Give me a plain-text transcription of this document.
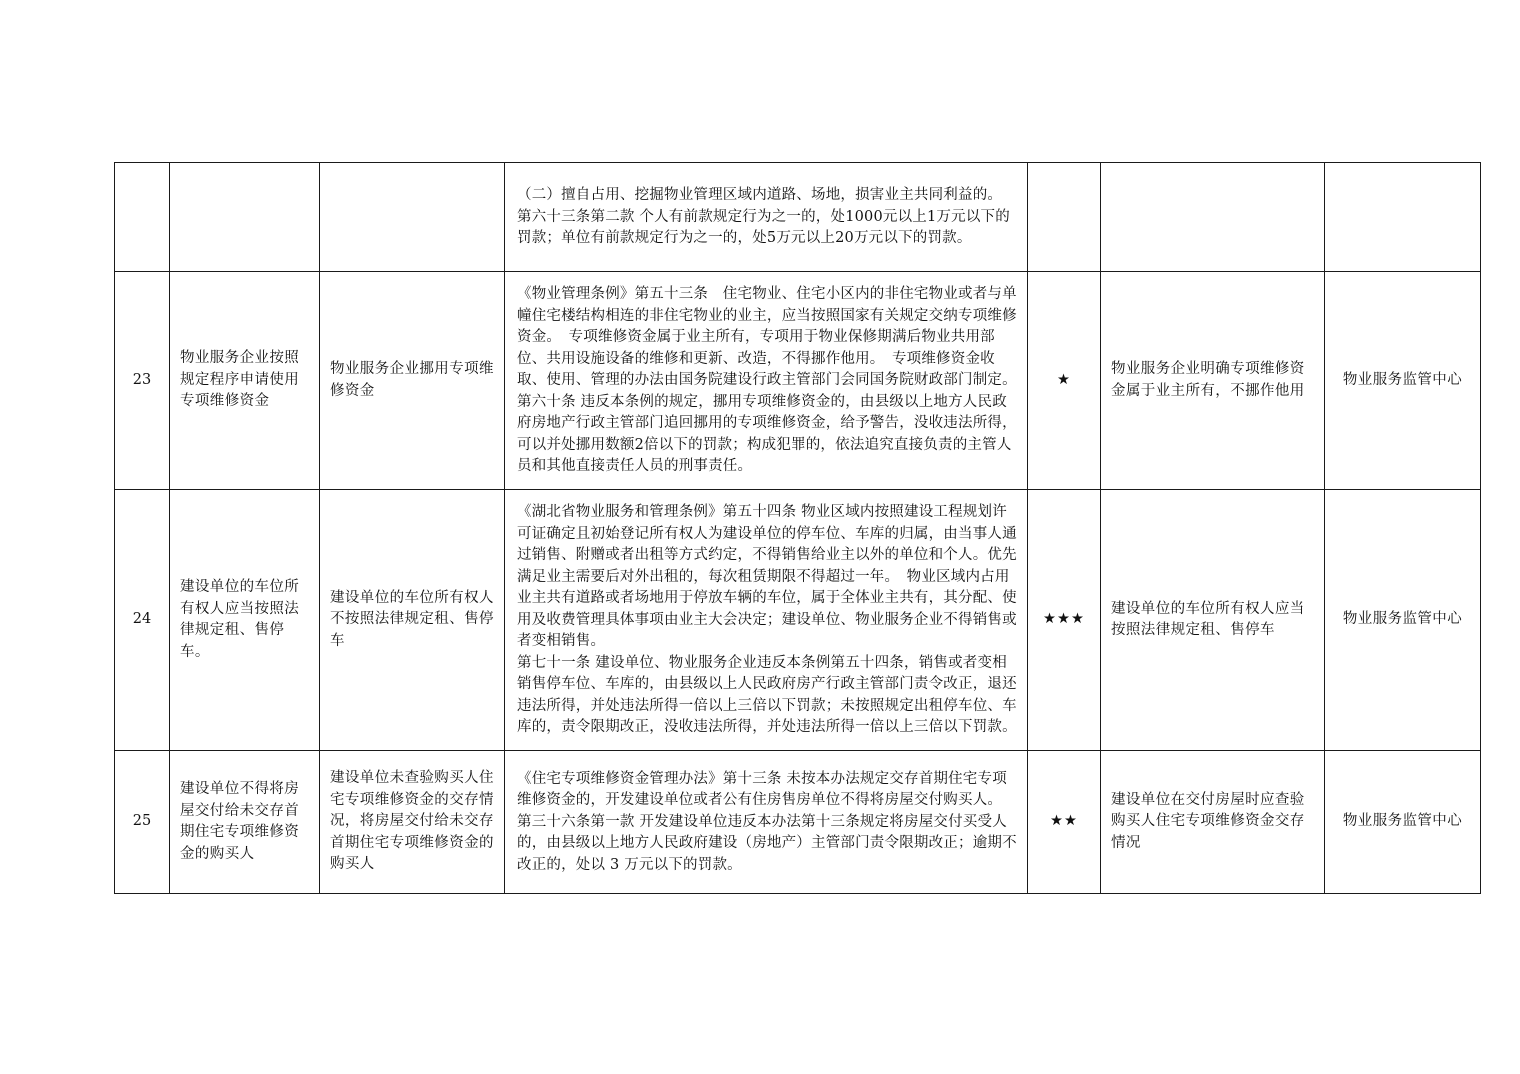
			（二）擅自占用、挖掘物业管理区域内道路、场地，损害业主共同利益的。
第六十三条第二款 个人有前款规定行为之一的，处1000元以上1万元以下的罚款；单位有前款规定行为之一的，处5万元以上20万元以下的罚款。			

23	物业服务企业按照规定程序申请使用专项维修资金	物业服务企业挪用专项维修资金	《物业管理条例》第五十三条　住宅物业、住宅小区内的非住宅物业或者与单幢住宅楼结构相连的非住宅物业的业主，应当按照国家有关规定交纳专项维修资金。　专项维修资金属于业主所有，专项用于物业保修期满后物业共用部位、共用设施设备的维修和更新、改造，不得挪作他用。　专项维修资金收取、使用、管理的办法由国务院建设行政主管部门会同国务院财政部门制定。
第六十条 违反本条例的规定，挪用专项维修资金的，由县级以上地方人民政府房地产行政主管部门追回挪用的专项维修资金，给予警告，没收违法所得，可以并处挪用数额2倍以下的罚款；构成犯罪的，依法追究直接负责的主管人员和其他直接责任人员的刑事责任。	★	物业服务企业明确专项维修资金属于业主所有，不挪作他用	物业服务监管中心
24	建设单位的车位所有权人应当按照法律规定租、售停车。	建设单位的车位所有权人不按照法律规定租、售停车	《湖北省物业服务和管理条例》第五十四条 物业区域内按照建设工程规划许可证确定且初始登记所有权人为建设单位的停车位、车库的归属，由当事人通过销售、附赠或者出租等方式约定，不得销售给业主以外的单位和个人。优先满足业主需要后对外出租的，每次租赁期限不得超过一年。　物业区域内占用业主共有道路或者场地用于停放车辆的车位，属于全体业主共有，其分配、使用及收费管理具体事项由业主大会决定；建设单位、物业服务企业不得销售或者变相销售。
第七十一条 建设单位、物业服务企业违反本条例第五十四条，销售或者变相销售停车位、车库的，由县级以上人民政府房产行政主管部门责令改正，退还违法所得，并处违法所得一倍以上三倍以下罚款；未按照规定出租停车位、车库的，责令限期改正，没收违法所得，并处违法所得一倍以上三倍以下罚款。	★★★	建设单位的车位所有权人应当按照法律规定租、售停车	物业服务监管中心
25	建设单位不得将房屋交付给未交存首期住宅专项维修资金的购买人	建设单位未查验购买人住宅专项维修资金的交存情况，将房屋交付给未交存首期住宅专项维修资金的购买人	《住宅专项维修资金管理办法》第十三条 未按本办法规定交存首期住宅专项维修资金的，开发建设单位或者公有住房售房单位不得将房屋交付购买人。
第三十六条第一款 开发建设单位违反本办法第十三条规定将房屋交付买受人的，由县级以上地方人民政府建设（房地产）主管部门责令限期改正；逾期不改正的，处以 3 万元以下的罚款。	★★	建设单位在交付房屋时应查验购买人住宅专项维修资金交存情况	物业服务监管中心
